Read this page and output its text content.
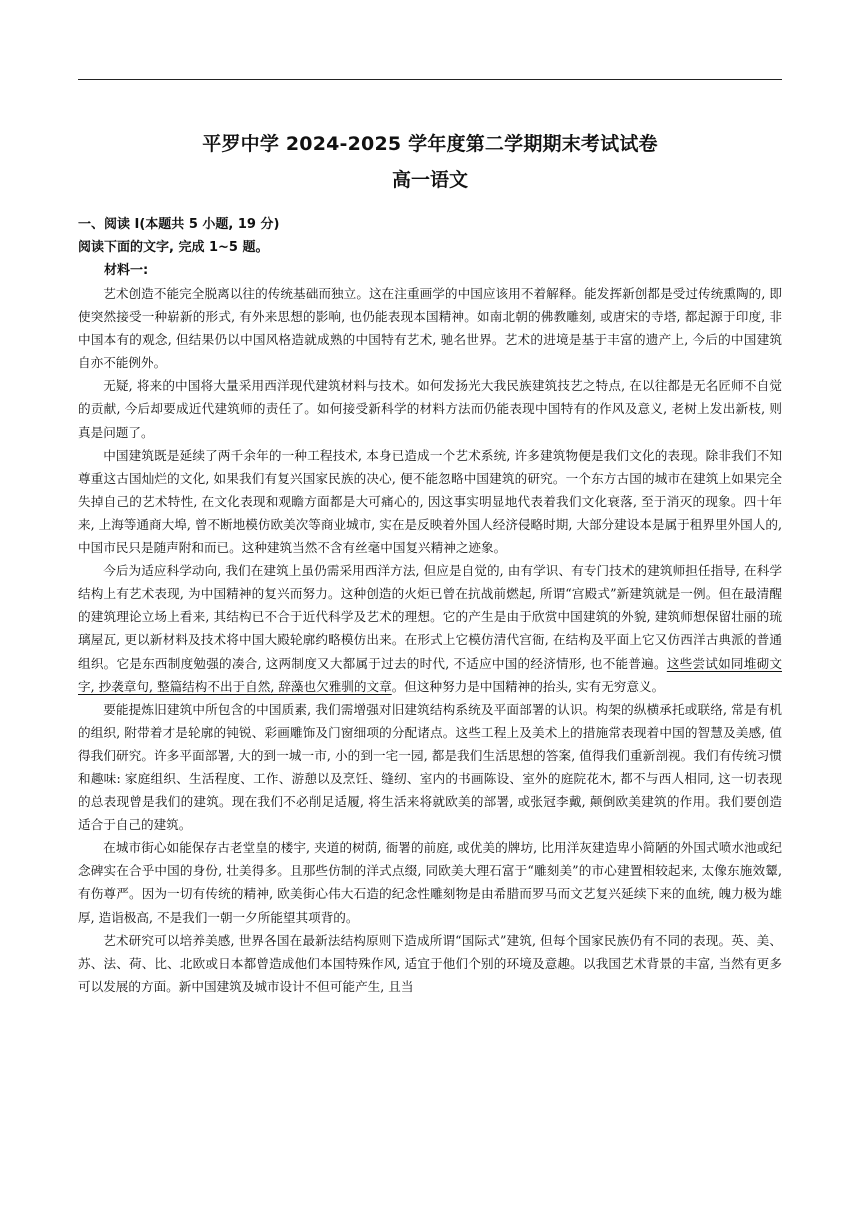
平罗中学 2024-2025 学年度第二学期期末考试试卷
高一语文
一、阅读 I(本题共 5 小题, 19 分)
阅读下面的文字, 完成 1~5 题。
材料一:

艺术创造不能完全脱离以往的传统基础而独立。这在注重画学的中国应该用不着解释。能发挥新创都是受过传统熏陶的, 即使突然接受一种崭新的形式, 有外来思想的影响, 也仍能表现本国精神。如南北朝的佛教雕刻, 或唐宋的寺塔, 都起源于印度, 非中国本有的观念, 但结果仍以中国风格造就成熟的中国特有艺术, 驰名世界。艺术的进境是基于丰富的遗产上, 今后的中国建筑自亦不能例外。

无疑, 将来的中国将大量采用西洋现代建筑材料与技术。如何发扬光大我民族建筑技艺之特点, 在以往都是无名匠师不自觉的贡献, 今后却要成近代建筑师的责任了。如何接受新科学的材料方法而仍能表现中国特有的作风及意义, 老树上发出新枝, 则真是问题了。

中国建筑既是延续了两千余年的一种工程技术, 本身已造成一个艺术系统, 许多建筑物便是我们文化的表现。除非我们不知尊重这古国灿烂的文化, 如果我们有复兴国家民族的决心, 便不能忽略中国建筑的研究。一个东方古国的城市在建筑上如果完全失掉自己的艺术特性, 在文化表现和观瞻方面都是大可痛心的, 因这事实明显地代表着我们文化衰落, 至于消灭的现象。四十年来, 上海等通商大埠, 曾不断地模仿欧美次等商业城市, 实在是反映着外国人经济侵略时期, 大部分建设本是属于租界里外国人的, 中国市民只是随声附和而已。这种建筑当然不含有丝毫中国复兴精神之迹象。

今后为适应科学动向, 我们在建筑上虽仍需采用西洋方法, 但应是自觉的, 由有学识、有专门技术的建筑师担任指导, 在科学结构上有艺术表现, 为中国精神的复兴而努力。这种创造的火炬已曾在抗战前燃起, 所谓“宫殿式”新建筑就是一例。但在最清醒的建筑理论立场上看来, 其结构已不合于近代科学及艺术的理想。它的产生是由于欣赏中国建筑的外貌, 建筑师想保留壮丽的琉璃屋瓦, 更以新材料及技术将中国大殿轮廓约略模仿出来。在形式上它模仿清代宫衙, 在结构及平面上它又仿西洋古典派的普通组织。它是东西制度勉强的凑合, 这两制度又大都属于过去的时代, 不适应中国的经济情形, 也不能普遍。这些尝试如同堆砌文字, 抄袭章句, 整篇结构不出于自然, 辞藻也欠雅驯的文章。但这种努力是中国精神的抬头, 实有无穷意义。

要能提炼旧建筑中所包含的中国质素, 我们需增强对旧建筑结构系统及平面部署的认识。构架的纵横承托或联络, 常是有机的组织, 附带着才是轮廓的钝锐、彩画雕饰及门窗细项的分配诸点。这些工程上及美术上的措施常表现着中国的智慧及美感, 值得我们研究。许多平面部署, 大的到一城一市, 小的到一宅一园, 都是我们生活思想的答案, 值得我们重新剖视。我们有传统习惯和趣味: 家庭组织、生活程度、工作、游憩以及烹饪、缝纫、室内的书画陈设、室外的庭院花木, 都不与西人相同, 这一切表现的总表现曾是我们的建筑。现在我们不必削足适履, 将生活来将就欧美的部署, 或张冠李戴, 颠倒欧美建筑的作用。我们要创造适合于自己的建筑。

在城市街心如能保存古老堂皇的楼宇, 夹道的树荫, 衙署的前庭, 或优美的牌坊, 比用洋灰建造卑小简陋的外国式喷水池或纪念碑实在合乎中国的身份, 壮美得多。且那些仿制的洋式点缀, 同欧美大理石富于“雕刻美”的市心建置相较起来, 太像东施效颦, 有伤尊严。因为一切有传统的精神, 欧美街心伟大石造的纪念性雕刻物是由希腊而罗马而文艺复兴延续下来的血统, 魄力极为雄厚, 造诣极高, 不是我们一朝一夕所能望其项背的。

艺术研究可以培养美感, 世界各国在最新法结构原则下造成所谓“国际式”建筑, 但每个国家民族仍有不同的表现。英、美、苏、法、荷、比、北欧或日本都曾造成他们本国特殊作风, 适宜于他们个别的环境及意趣。以我国艺术背景的丰富, 当然有更多可以发展的方面。新中国建筑及城市设计不但可能产生, 且当
